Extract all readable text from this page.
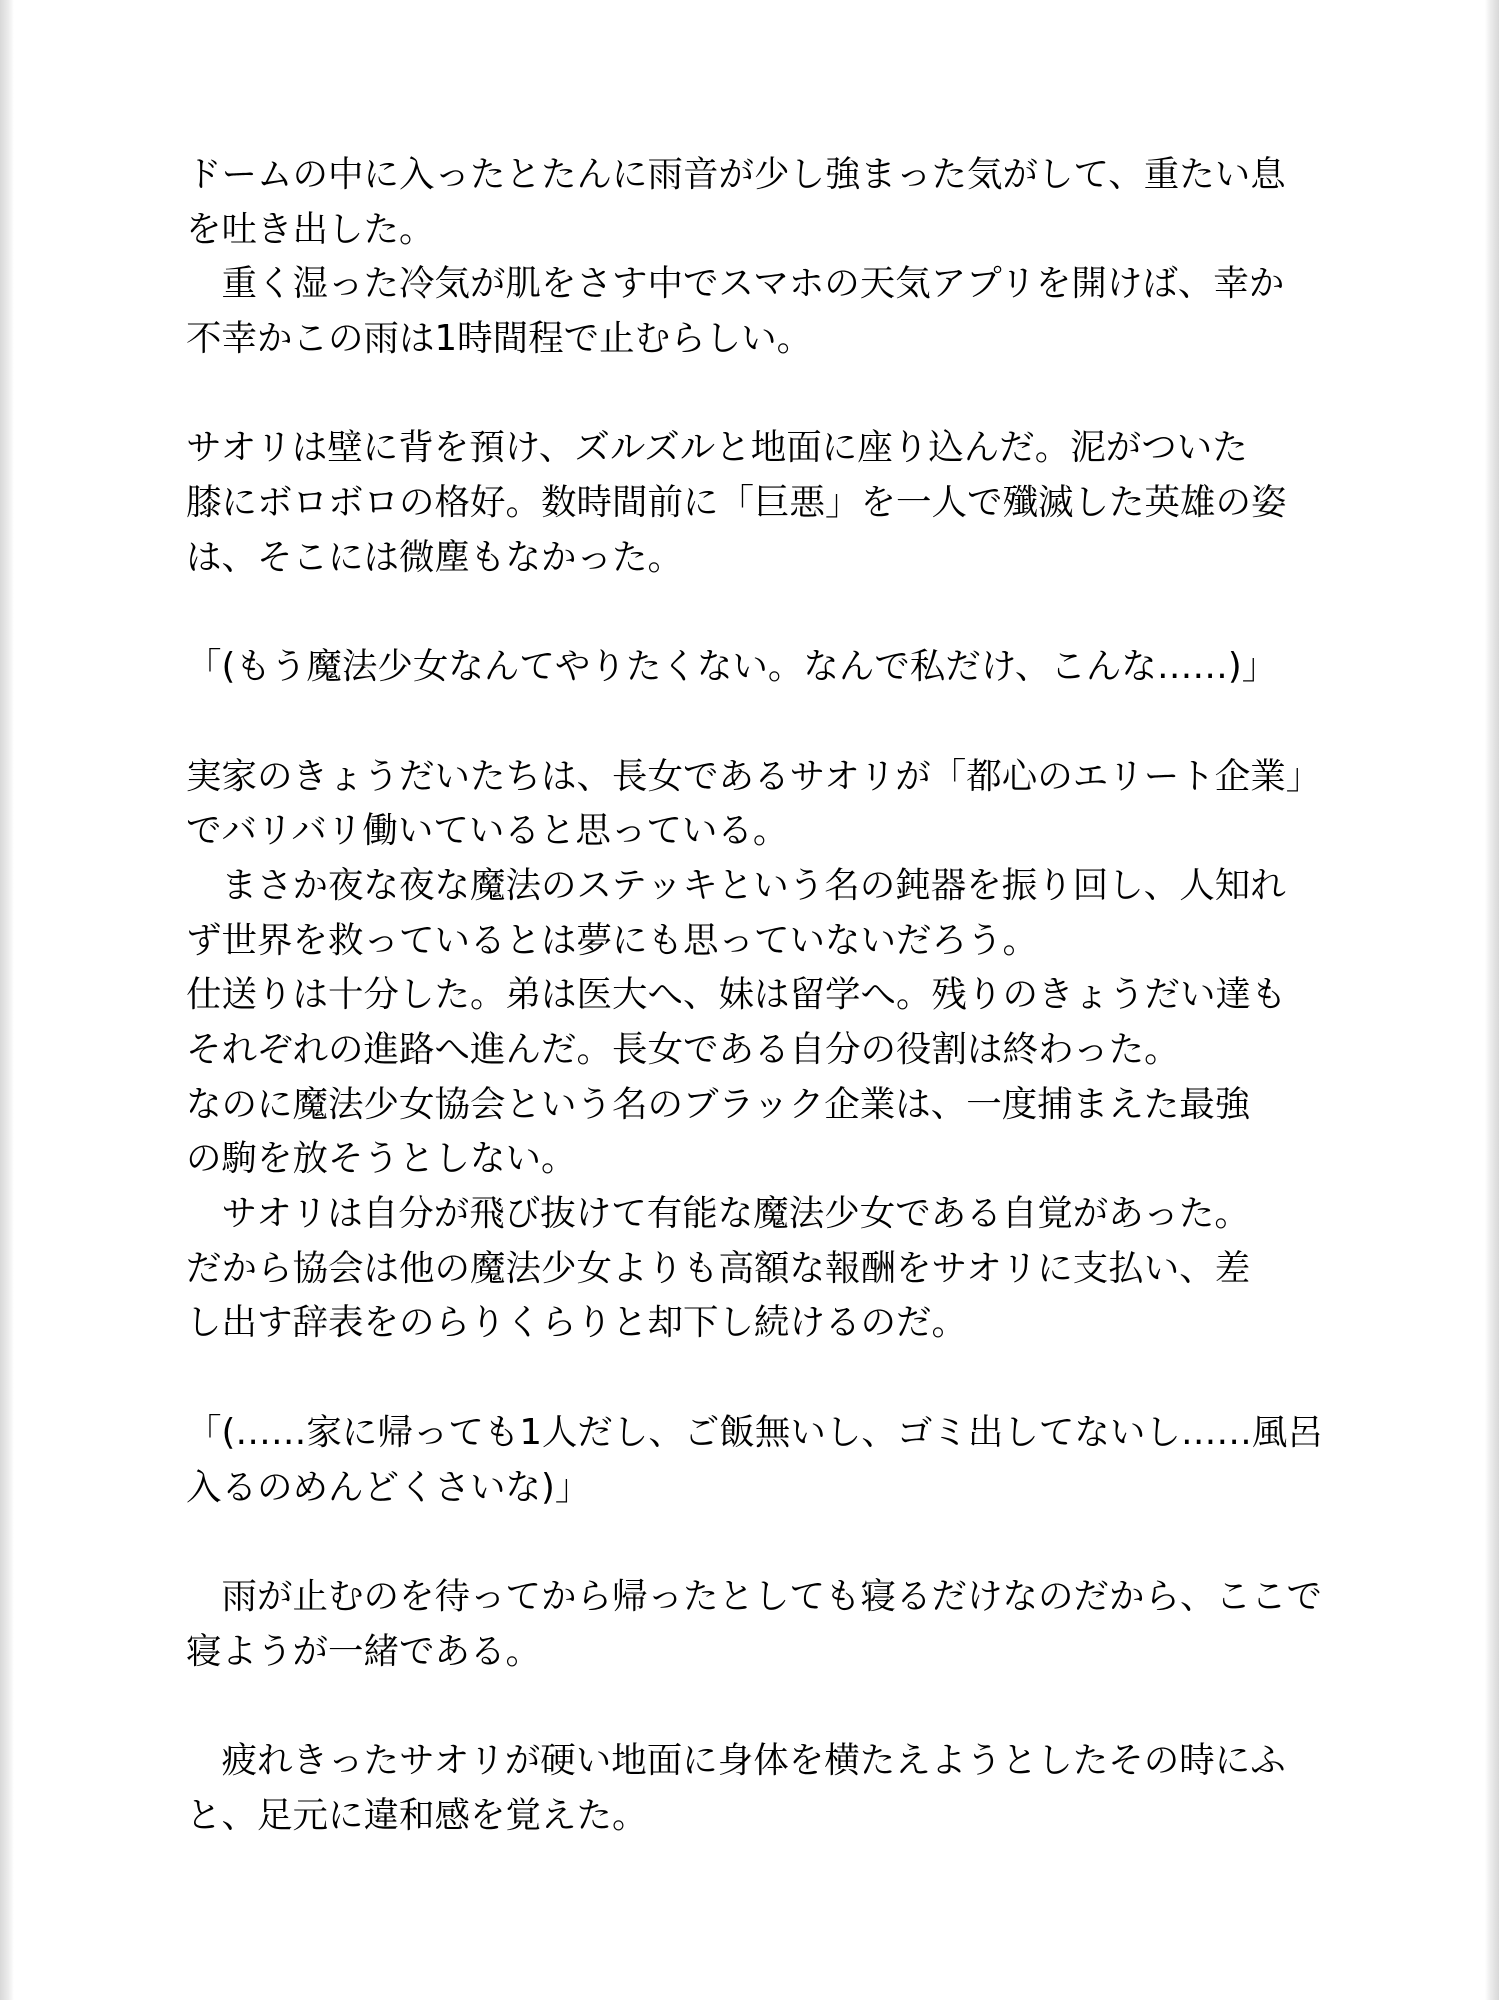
ドームの中に入ったとたんに雨音が少し強まった気がして、重たい息
を吐き出した。
　重く湿った冷気が肌をさす中でスマホの天気アプリを開けば、幸か
不幸かこの雨は1時間程で止むらしい。
サオリは壁に背を預け、ズルズルと地面に座り込んだ。泥がついた
膝にボロボロの格好。数時間前に「巨悪」を一人で殲滅した英雄の姿
は、そこには微塵もなかった。
「(もう魔法少女なんてやりたくない。なんで私だけ、こんな……)」
実家のきょうだいたちは、長女であるサオリが「都心のエリート企業」
でバリバリ働いていると思っている。
　まさか夜な夜な魔法のステッキという名の鈍器を振り回し、人知れ
ず世界を救っているとは夢にも思っていないだろう。
仕送りは十分した。弟は医大へ、妹は留学へ。残りのきょうだい達も
それぞれの進路へ進んだ。長女である自分の役割は終わった。
なのに魔法少女協会という名のブラック企業は、一度捕まえた最強
の駒を放そうとしない。
　サオリは自分が飛び抜けて有能な魔法少女である自覚があった。
だから協会は他の魔法少女よりも高額な報酬をサオリに支払い、差
し出す辞表をのらりくらりと却下し続けるのだ。
「(……家に帰っても1人だし、ご飯無いし、ゴミ出してないし……風呂
入るのめんどくさいな)」
　雨が止むのを待ってから帰ったとしても寝るだけなのだから、ここで
寝ようが一緒である。
　疲れきったサオリが硬い地面に身体を横たえようとしたその時にふ
と、足元に違和感を覚えた。
